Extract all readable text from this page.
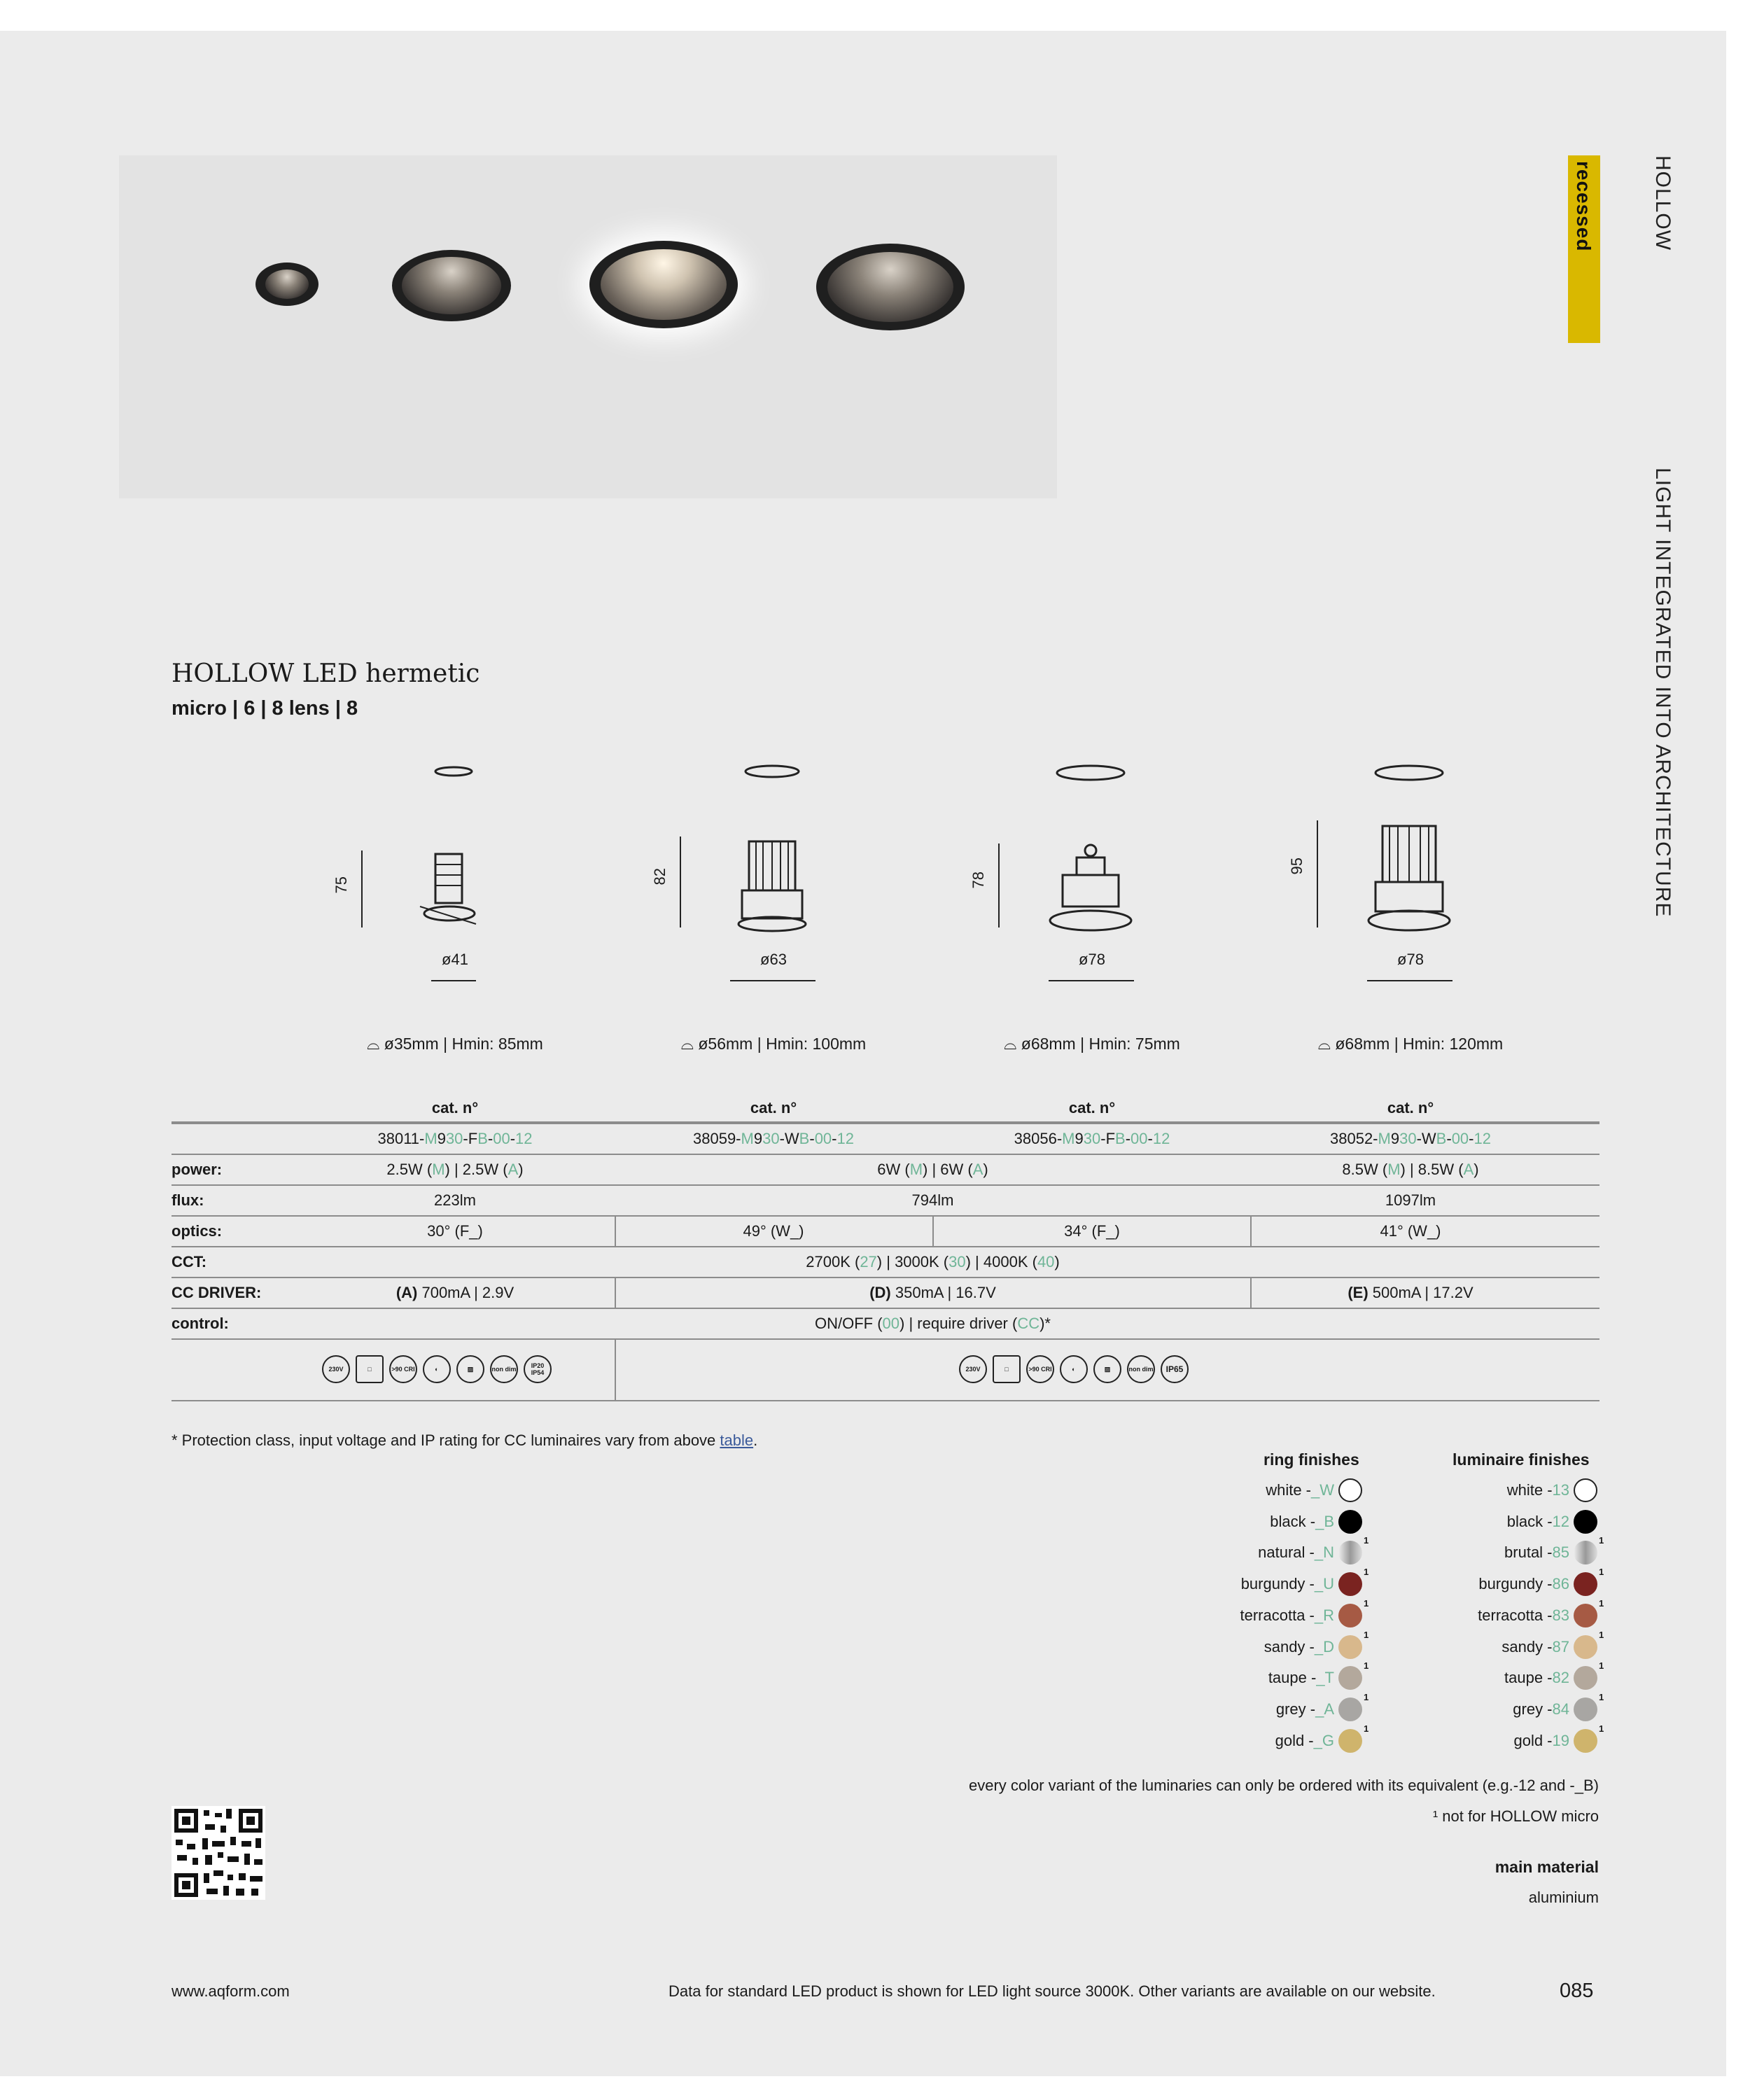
recessed	HOLLOW
LIGHT INTEGRATED INTO ARCHITECTURE
HOLLOW LED hermetic
micro | 6 | 8 lens | 8
75
ø41
82
ø63
78
ø78
95
ø78
⌓ ø35mm | Hmin: 85mm	⌓ ø56mm | Hmin: 100mm	⌓ ø68mm | Hmin: 75mm	⌓ ø68mm | Hmin: 120mm
cat. n°	cat. n°	cat. n°	cat. n°
38011-M930-FB-00-12	38059-M930-WB-00-12	38056-M930-FB-00-12	38052-M930-WB-00-12
power:	2.5W (M) | 2.5W (A)	6W (M) | 6W (A)	8.5W (M) | 8.5W (A)
flux:	223lm	794lm	1097lm
optics:	30° (F_)	49° (W_)	34° (F_)	41° (W_)
CCT:	2700K (27) | 3000K (30) | 4000K (40)
CC DRIVER:	(A) 700mA | 2.9V	(D) 350mA | 16.7V	(E) 500mA | 17.2V
control:	ON/OFF (00) | require driver (CC)*
230V	□	>90 CRI	◐	▨	non dim	IP20 IP54	230V	□	>90 CRI	◐	▨	non dim	IP65
* Protection class, input voltage and IP rating for CC luminaires vary from above table.
ring finishes
white -_W
black -_B
natural -_N
1
burgundy -_U
1
terracotta -_R
1
sandy -_D
1
taupe -_T
1
grey -_A
1
gold -_G
1
luminaire finishes
white -13
black -12
brutal -85
1
burgundy -86
1
terracotta -83
1
sandy -87
1
taupe -82
1
grey -84
1
gold -19
1
every color variant of the luminaries can only be ordered with its equivalent (e.g.-12 and -_B)
¹ not for HOLLOW micro
main material
aluminium
www.aqform.com	Data for standard LED product is shown for LED light source 3000K. Other variants are available on our website.	085
